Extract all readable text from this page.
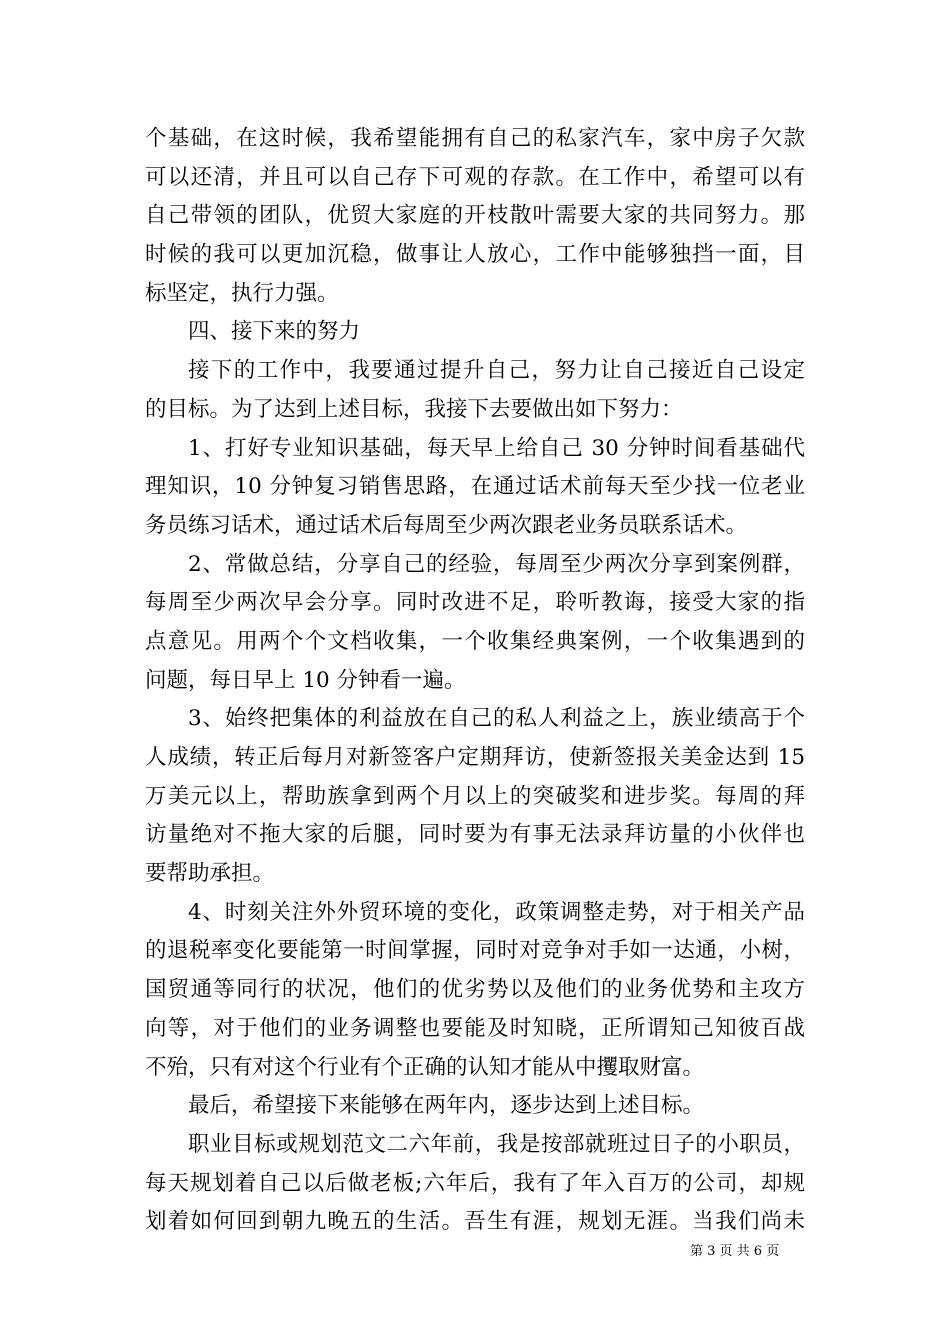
个基础，在这时候，我希望能拥有自己的私家汽车，家中房子欠款
可以还清，并且可以自己存下可观的存款。在工作中，希望可以有
自己带领的团队，优贸大家庭的开枝散叶需要大家的共同努力。那
时候的我可以更加沉稳，做事让人放心，工作中能够独挡一面，目
标坚定，执行力强。
四、接下来的努力
接下的工作中，我要通过提升自己，努力让自己接近自己设定
的目标。为了达到上述目标，我接下去要做出如下努力：
1、打好专业知识基础，每天早上给自己 30 分钟时间看基础代
理知识，10 分钟复习销售思路，在通过话术前每天至少找一位老业
务员练习话术，通过话术后每周至少两次跟老业务员联系话术。
2、常做总结，分享自己的经验，每周至少两次分享到案例群，
每周至少两次早会分享。同时改进不足，聆听教诲，接受大家的指
点意见。用两个个文档收集，一个收集经典案例，一个收集遇到的
问题，每日早上 10 分钟看一遍。
3、始终把集体的利益放在自己的私人利益之上，族业绩高于个
人成绩，转正后每月对新签客户定期拜访，使新签报关美金达到 15
万美元以上，帮助族拿到两个月以上的突破奖和进步奖。每周的拜
访量绝对不拖大家的后腿，同时要为有事无法录拜访量的小伙伴也
要帮助承担。
4、时刻关注外外贸环境的变化，政策调整走势，对于相关产品
的退税率变化要能第一时间掌握，同时对竞争对手如一达通，小树，
国贸通等同行的状况，他们的优劣势以及他们的业务优势和主攻方
向等，对于他们的业务调整也要能及时知晓，正所谓知己知彼百战
不殆，只有对这个行业有个正确的认知才能从中攫取财富。
最后，希望接下来能够在两年内，逐步达到上述目标。
职业目标或规划范文二六年前，我是按部就班过日子的小职员，
每天规划着自己以后做老板;六年后，我有了年入百万的公司，却规
划着如何回到朝九晚五的生活。吾生有涯，规划无涯。当我们尚未
第 3 页 共 6 页
